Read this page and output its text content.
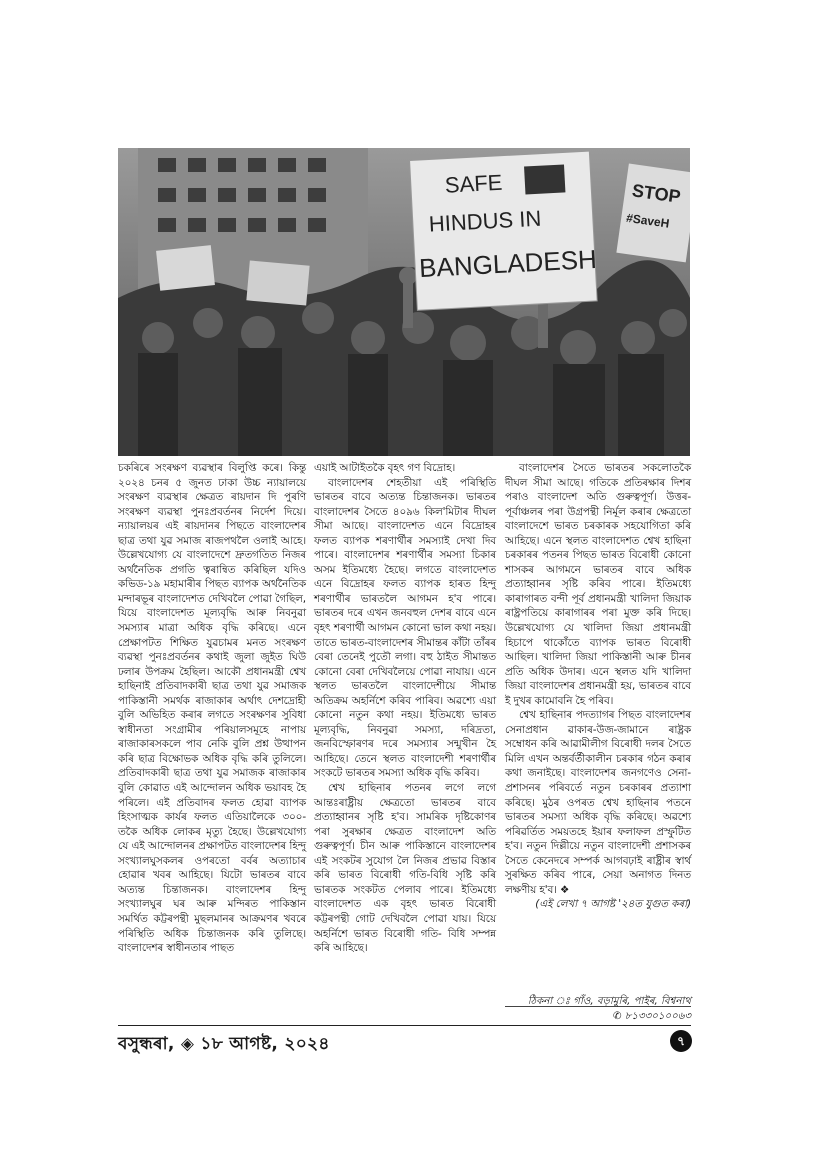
SAFE
HINDUS IN
BANGLADESH
STOP
#SaveH

চকৰিৰে সংৰক্ষণ ব্যৱস্থাৰ বিলুপ্তি কৰে। কিন্তু ২০২৪ চনৰ ৫ জুনত ঢাকা উচ্চ ন্যায়ালয়ে সংৰক্ষণ ব্যৱস্থাৰ ক্ষেত্ৰত ৰায়দান দি পুৰণি সংৰক্ষণ ব্যৱস্থা পুনঃপ্ৰবৰ্তনৰ নিৰ্দেশ দিয়ে। ন্যায়ালয়ৰ এই ৰায়দানৰ পিছতে বাংলাদেশৰ ছাত্ৰ তথা যুৱ সমাজ ৰাজপথলৈ ওলাই আহে। উল্লেখযোগ্য যে বাংলাদেশে দ্ৰুতগতিত নিজৰ অৰ্থনৈতিক প্ৰগতি ত্বৰান্বিত কৰিছিল যদিও কভিড-১৯ মহামাৰীৰ পিছত ব্যাপক অৰ্থনৈতিক মন্দাৰভূৰ বাংলাদেশত দেখিবলৈ পোৱা গৈছিল, যিয়ে বাংলাদেশত মূল্যবৃদ্ধি আৰু নিবনুৱা সমস্যাৰ মাত্ৰা অধিক বৃদ্ধি কৰিছে। এনে প্ৰেক্ষাপটত শিক্ষিত যুৱচামৰ মনত সংৰক্ষণ ব্যৱস্থা পুনঃপ্ৰবৰ্তনৰ কথাই জুলা জুইত ঘিউ ঢলাৰ উপক্ৰম হৈছিল। আকৌ প্ৰধানমন্ত্ৰী শ্বেখ হাছিনাই প্ৰতিবাদকাৰী ছাত্ৰ তথা যুৱ সমাজক পাকিস্তানী সমৰ্থক ৰাজাকাৰ অৰ্থাৎ দেশদ্ৰোহী বুলি অভিহিত কৰাৰ লগতে সংৰক্ষণৰ সুবিধা স্বাধীনতা সংগ্ৰামীৰ পৰিয়ালসমূহে নাপায় ৰাজাকাৰসকলে পাব নেকি বুলি প্ৰশ্ন উত্থাপন কৰি ছাত্ৰ বিক্ষোভক অধিক বৃদ্ধি কৰি তুলিলে। প্ৰতিবাদকাৰী ছাত্ৰ তথা যুৱ সমাজক ৰাজাকাৰ বুলি কোৱাত এই আন্দোলন অধিক ভয়াবহ হৈ পৰিলে। এই প্ৰতিবাদৰ ফলত হোৱা ব্যাপক হিংসাত্মক কাৰ্যৰ ফলত এতিয়ালৈকে ৩০০-তকৈ অধিক লোকৰ মৃত্যু হৈছে। উল্লেখযোগ্য যে এই আন্দোলনৰ প্ৰক্ষাপটত বাংলাদেশৰ হিন্দু সংখ্যালঘুসকলৰ ওপৰতো বৰ্বৰ অত্যাচাৰ হোৱাৰ খবৰ আহিছে। যিটো ভাৰতৰ বাবে অত্যন্ত চিন্তাজনক। বাংলাদেশৰ হিন্দু সংখ্যালঘুৰ ঘৰ আৰু মন্দিৰত পাকিস্তান সমৰ্থিত কট্টৰপন্থী মুছলমানৰ আক্ৰমণৰ খবৰে পৰিস্থিতি অধিক চিন্তাজনক কৰি তুলিছে। বাংলাদেশৰ স্বাধীনতাৰ পাছত

এয়াই আটাইতকৈ বৃহৎ গণ বিদ্ৰোহ।

বাংলাদেশৰ শেহতীয়া এই পৰিস্থিতি ভাৰতৰ বাবে অত্যন্ত চিন্তাজনক। ভাৰতৰ বাংলাদেশৰ সৈতে ৪০৯৬ কিল'মিটাৰ দীঘল সীমা আছে। বাংলাদেশত এনে বিদ্ৰোহৰ ফলত ব্যাপক শৰণাৰ্থীৰ সমস্যাই দেখা দিব পাৰে। বাংলাদেশৰ শৰণাৰ্থীৰ সমস্যা চিকাৰ অসম ইতিমধ্যে হৈছে। লগতে বাংলাদেশত এনে বিদ্ৰোহৰ ফলত ব্যাপক হাৰত হিন্দু শৰণাৰ্থীৰ ভাৰতলৈ আগমন হ'ব পাৰে। ভাৰতৰ দৰে এখন জনবহুল দেশৰ বাবে এনে বৃহৎ শৰণাৰ্থী আগমন কোনো ভাল কথা নহয়। তাতে ভাৰত-বাংলাদেশৰ সীমান্তৰ কাঁটা তাঁৰৰ বেৰা তেনেই পুতৌ লগা। বহু ঠাইত সীমান্তত কোনো বেৰা দেখিবলৈয়ে পোৱা নাযায়। এনে স্থলত ভাৰতলৈ বাংলাদেশীয়ে সীমান্ত অতিক্ৰম অহৰ্নিশে কৰিব পাৰিব। অৱশ্যে এয়া কোনো নতুন কথা নহয়। ইতিমধ্যে ভাৰত মূল্যবৃদ্ধি, নিবনুৱা সমস্যা, দৰিদ্ৰতা, জনবিস্ফোৰণৰ দৰে সমস্যাৰ সন্মুখীন হৈ আহিছে। তেনে স্থলত বাংলাদেশী শৰণাৰ্থীৰ সংকটে ভাৰতৰ সমস্যা অধিক বৃদ্ধি কৰিব।

শ্বেখ হাছিনাৰ পতনৰ লগে লগে আন্তঃৰাষ্ট্ৰীয় ক্ষেত্ৰতো ভাৰতৰ বাবে প্ৰত্যাহ্বানৰ সৃষ্টি হ'ব। সামৰিক দৃষ্টিকোণৰ পৰা সুৰক্ষাৰ ক্ষেত্ৰত বাংলাদেশ অতি গুৰুত্বপূৰ্ণ। চীন আৰু পাকিস্তানে বাংলাদেশৰ এই সংকটৰ সুযোগ লৈ নিজৰ প্ৰভাৱ বিস্তাৰ কৰি ভাৰত বিৰোধী গতি-বিধি সৃষ্টি কৰি ভাৰতক সংকটত পেলাব পাৰে। ইতিমধ্যে বাংলাদেশত এক বৃহৎ ভাৰত বিৰোধী কট্টৰপন্থী গোট দেখিবলৈ পোৱা যায়। যিয়ে অহৰ্নিশে ভাৰত বিৰোধী গতি- বিধি সম্পন্ন কৰি আহিছে।

বাংলাদেশৰ সৈতে ভাৰতৰ সকলোতকৈ দীঘল সীমা আছে। গতিকে প্ৰতিৰক্ষাৰ দিশৰ পৰাও বাংলাদেশ অতি গুৰুত্বপূৰ্ণ। উত্তৰ-পূৰ্বাঞ্চলৰ পৰা উগ্ৰপন্থী নিৰ্মূল কৰাৰ ক্ষেত্ৰতো বাংলাদেশে ভাৰত চৰকাৰক সহযোগিতা কৰি আহিছে। এনে স্থলত বাংলাদেশত শ্বেখ হাছিনা চৰকাৰৰ পতনৰ পিছত ভাৰত বিৰোধী কোনো শাসকৰ আগমনে ভাৰতৰ বাবে অধিক প্ৰত্যাহ্বানৰ সৃষ্টি কৰিব পাৰে। ইতিমধ্যে কাৰাগাৰত বন্দী পূৰ্ব প্ৰধানমন্ত্ৰী খালিদা জিয়াক ৰাষ্ট্ৰপতিয়ে কাৰাগাৰৰ পৰা মুক্ত কৰি দিছে। উল্লেখযোগ্য যে খালিদা জিয়া প্ৰধানমন্ত্ৰী হিচাপে থাকোঁতে ব্যাপক ভাৰত বিৰোধী আছিল। খালিদা জিয়া পাকিস্তানী আৰু চীনৰ প্ৰতি অধিক উদাৰ। এনে স্থলত যদি খালিদা জিয়া বাংলাদেশৰ প্ৰধানমন্ত্ৰী হয়, ভাৰতৰ বাবে ই দুখৰ কামোবনি হৈ পৰিব।

শ্বেখ হাছিনাৰ পদত্যাগৰ পিছত বাংলাদেশৰ সেনাপ্ৰধান ৱাকাৰ-উজ-জামানে ৰাষ্ট্ৰক সম্বোধন কৰি আৱামীলীগ বিৰোধী দলৰ সৈতে মিলি এখন অন্তৰ্বৰ্তীকালীন চৰকাৰ গঠন কৰাৰ কথা জনাইছে। বাংলাদেশৰ জনগণেও সেনা-প্ৰশাসনৰ পৰিবৰ্তে নতুন চৰকাৰৰ প্ৰত্যাশা কৰিছে। মুঠৰ ওপৰত শ্বেখ হাছিনাৰ পতনে ভাৰতৰ সমস্যা অধিক বৃদ্ধি কৰিছে। অৱশ্যে পৰিৱৰ্তিত সময়তহে ইয়াৰ ফলাফল প্ৰস্ফুটিত হ'ব। নতুন দিল্লীয়ে নতুন বাংলাদেশী প্ৰশাসকৰ সৈতে কেনেদৰে সম্পৰ্ক আগবঢ়াই ৰাষ্ট্ৰীৰ স্বাৰ্থ সুৰক্ষিত কৰিব পাৰে, সেয়া অনাগত দিনত লক্ষণীয় হ'ব। ❖

(এই লেখা ৭ আগষ্ট '২৪ত যুগুত কৰা)

ঠিকনা ঃ গাঁও, বড়ামুৰি, পাইৰ, বিশ্বনাথ
✆ ৮১৩৩০১০০৬৩
বসুন্ধৰা, ◈ ১৮ আগষ্ট, ২০২৪	৭
